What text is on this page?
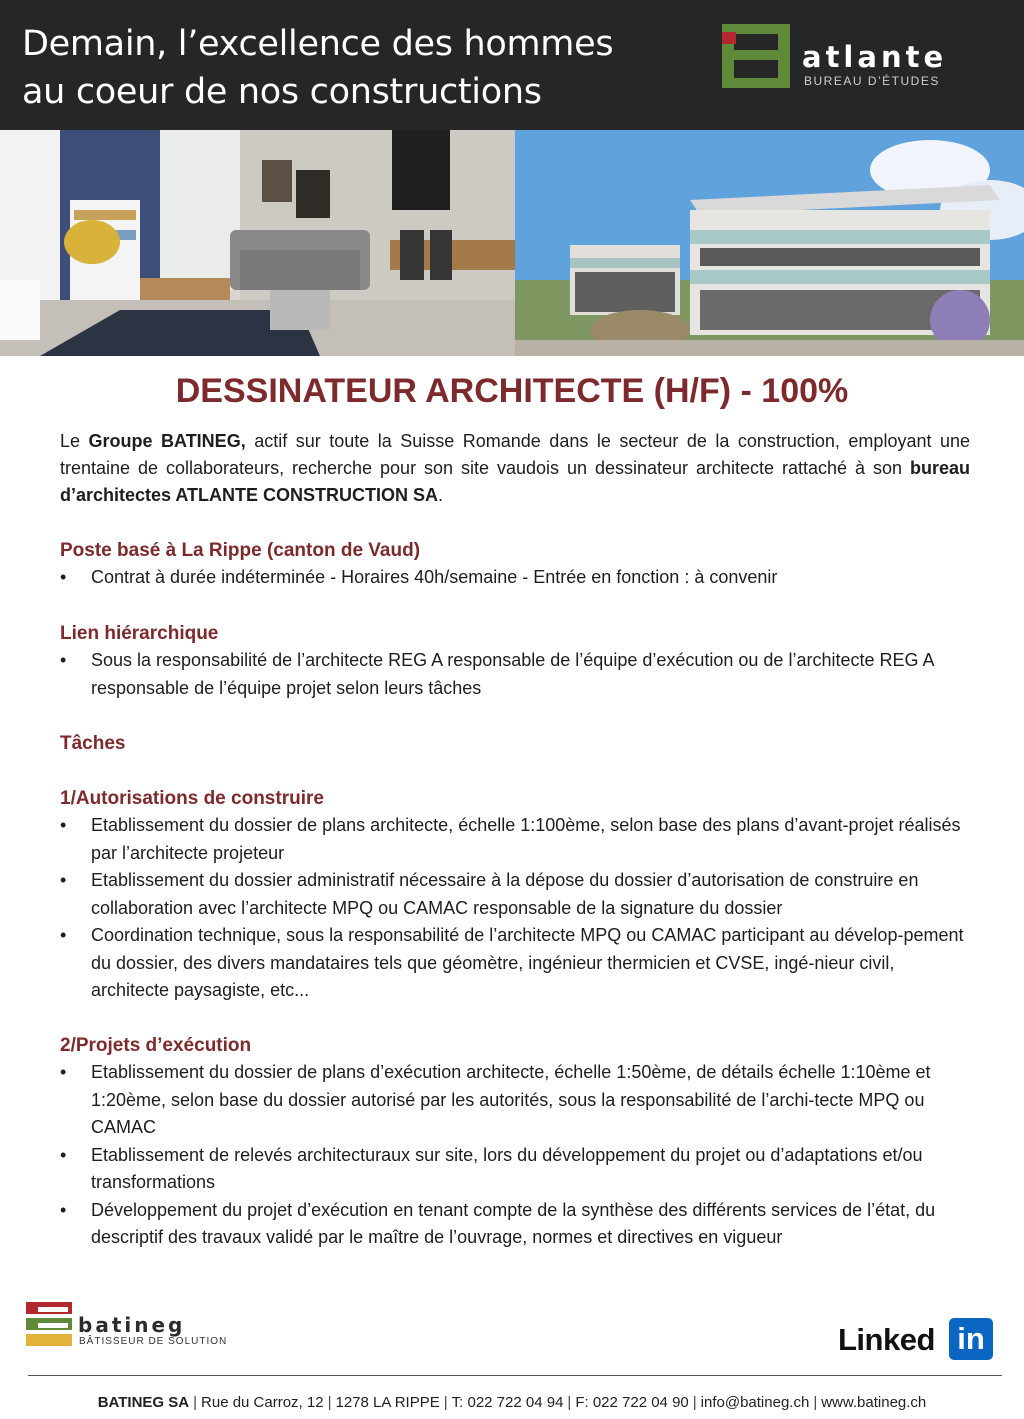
Demain, l’excellence des hommes
au coeur de nos constructions
atlante
BUREAU D’ÉTUDES
DESSINATEUR ARCHITECTE (H/F) - 100%

Le Groupe BATINEG, actif sur toute la Suisse Romande dans le secteur de la construction, employant une trentaine de collaborateurs, recherche pour son site vaudois un dessinateur architecte rattaché à son bureau d’architectes ATLANTE CONSTRUCTION SA.

Poste basé à La Rippe (canton de Vaud)
• Contrat à durée indéterminée - Horaires 40h/semaine - Entrée en fonction : à convenir
Lien hiérarchique
• Sous la responsabilité de l’architecte REG A responsable de l’équipe d’exécution ou de l’architecte REG A responsable de l’équipe projet selon leurs tâches
Tâches
1/Autorisations de construire
• Etablissement du dossier de plans architecte, échelle 1:100ème, selon base des plans d’avant-projet réalisés par l’architecte projeteur
• Etablissement du dossier administratif nécessaire à la dépose du dossier d’autorisation de construire en collaboration avec l’architecte MPQ ou CAMAC responsable de la signature du dossier
• Coordination technique, sous la responsabilité de l’architecte MPQ ou CAMAC participant au dévelop-pement du dossier, des divers mandataires tels que géomètre, ingénieur thermicien et CVSE, ingé-nieur civil, architecte paysagiste, etc...
2/Projets d’exécution
• Etablissement du dossier de plans d’exécution architecte, échelle 1:50ème, de détails échelle 1:10ème et 1:20ème, selon base du dossier autorisé par les autorités, sous la responsabilité de l’archi-tecte MPQ ou CAMAC
• Etablissement de relevés architecturaux sur site, lors du développement du projet ou d’adaptations et/ou transformations
• Développement du projet d’exécution en tenant compte de la synthèse des différents services de l’état, du descriptif des travaux validé par le maître de l’ouvrage, normes et directives en vigueur
batineg
BÂTISSEUR DE SOLUTION	Linked in
BATINEG SA | Rue du Carroz, 12 | 1278 LA RIPPE | T: 022 722 04 94 | F: 022 722 04 90 | info@batineg.ch | www.batineg.ch
